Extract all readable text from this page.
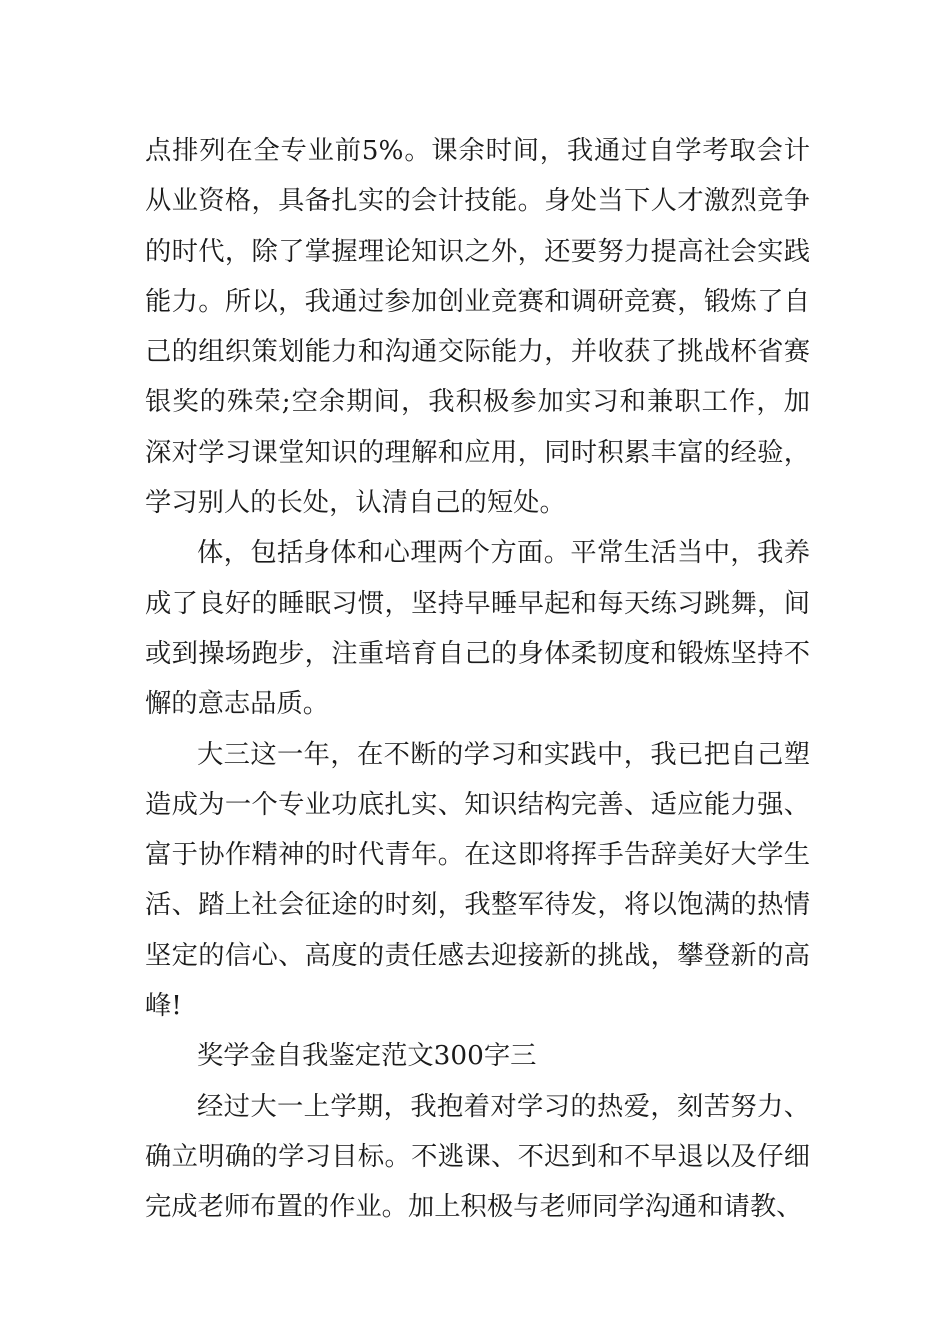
点排列在全专业前5%。课余时间，我通过自学考取会计从业资格，具备扎实的会计技能。身处当下人才激烈竞争的时代，除了掌握理论知识之外，还要努力提高社会实践能力。所以，我通过参加创业竞赛和调研竞赛，锻炼了自己的组织策划能力和沟通交际能力，并收获了挑战杯省赛银奖的殊荣;空余期间，我积极参加实习和兼职工作，加深对学习课堂知识的理解和应用，同时积累丰富的经验，学习别人的长处，认清自己的短处。

体，包括身体和心理两个方面。平常生活当中，我养成了良好的睡眠习惯，坚持早睡早起和每天练习跳舞，间或到操场跑步，注重培育自己的身体柔韧度和锻炼坚持不懈的意志品质。

大三这一年，在不断的学习和实践中，我已把自己塑造成为一个专业功底扎实、知识结构完善、适应能力强、富于协作精神的时代青年。在这即将挥手告辞美好大学生活、踏上社会征途的时刻，我整军待发，将以饱满的热情坚定的信心、高度的责任感去迎接新的挑战，攀登新的高峰!

奖学金自我鉴定范文300字三

经过大一上学期，我抱着对学习的热爱，刻苦努力、确立明确的学习目标。不逃课、不迟到和不早退以及仔细完成老师布置的作业。加上积极与老师同学沟通和请教、
